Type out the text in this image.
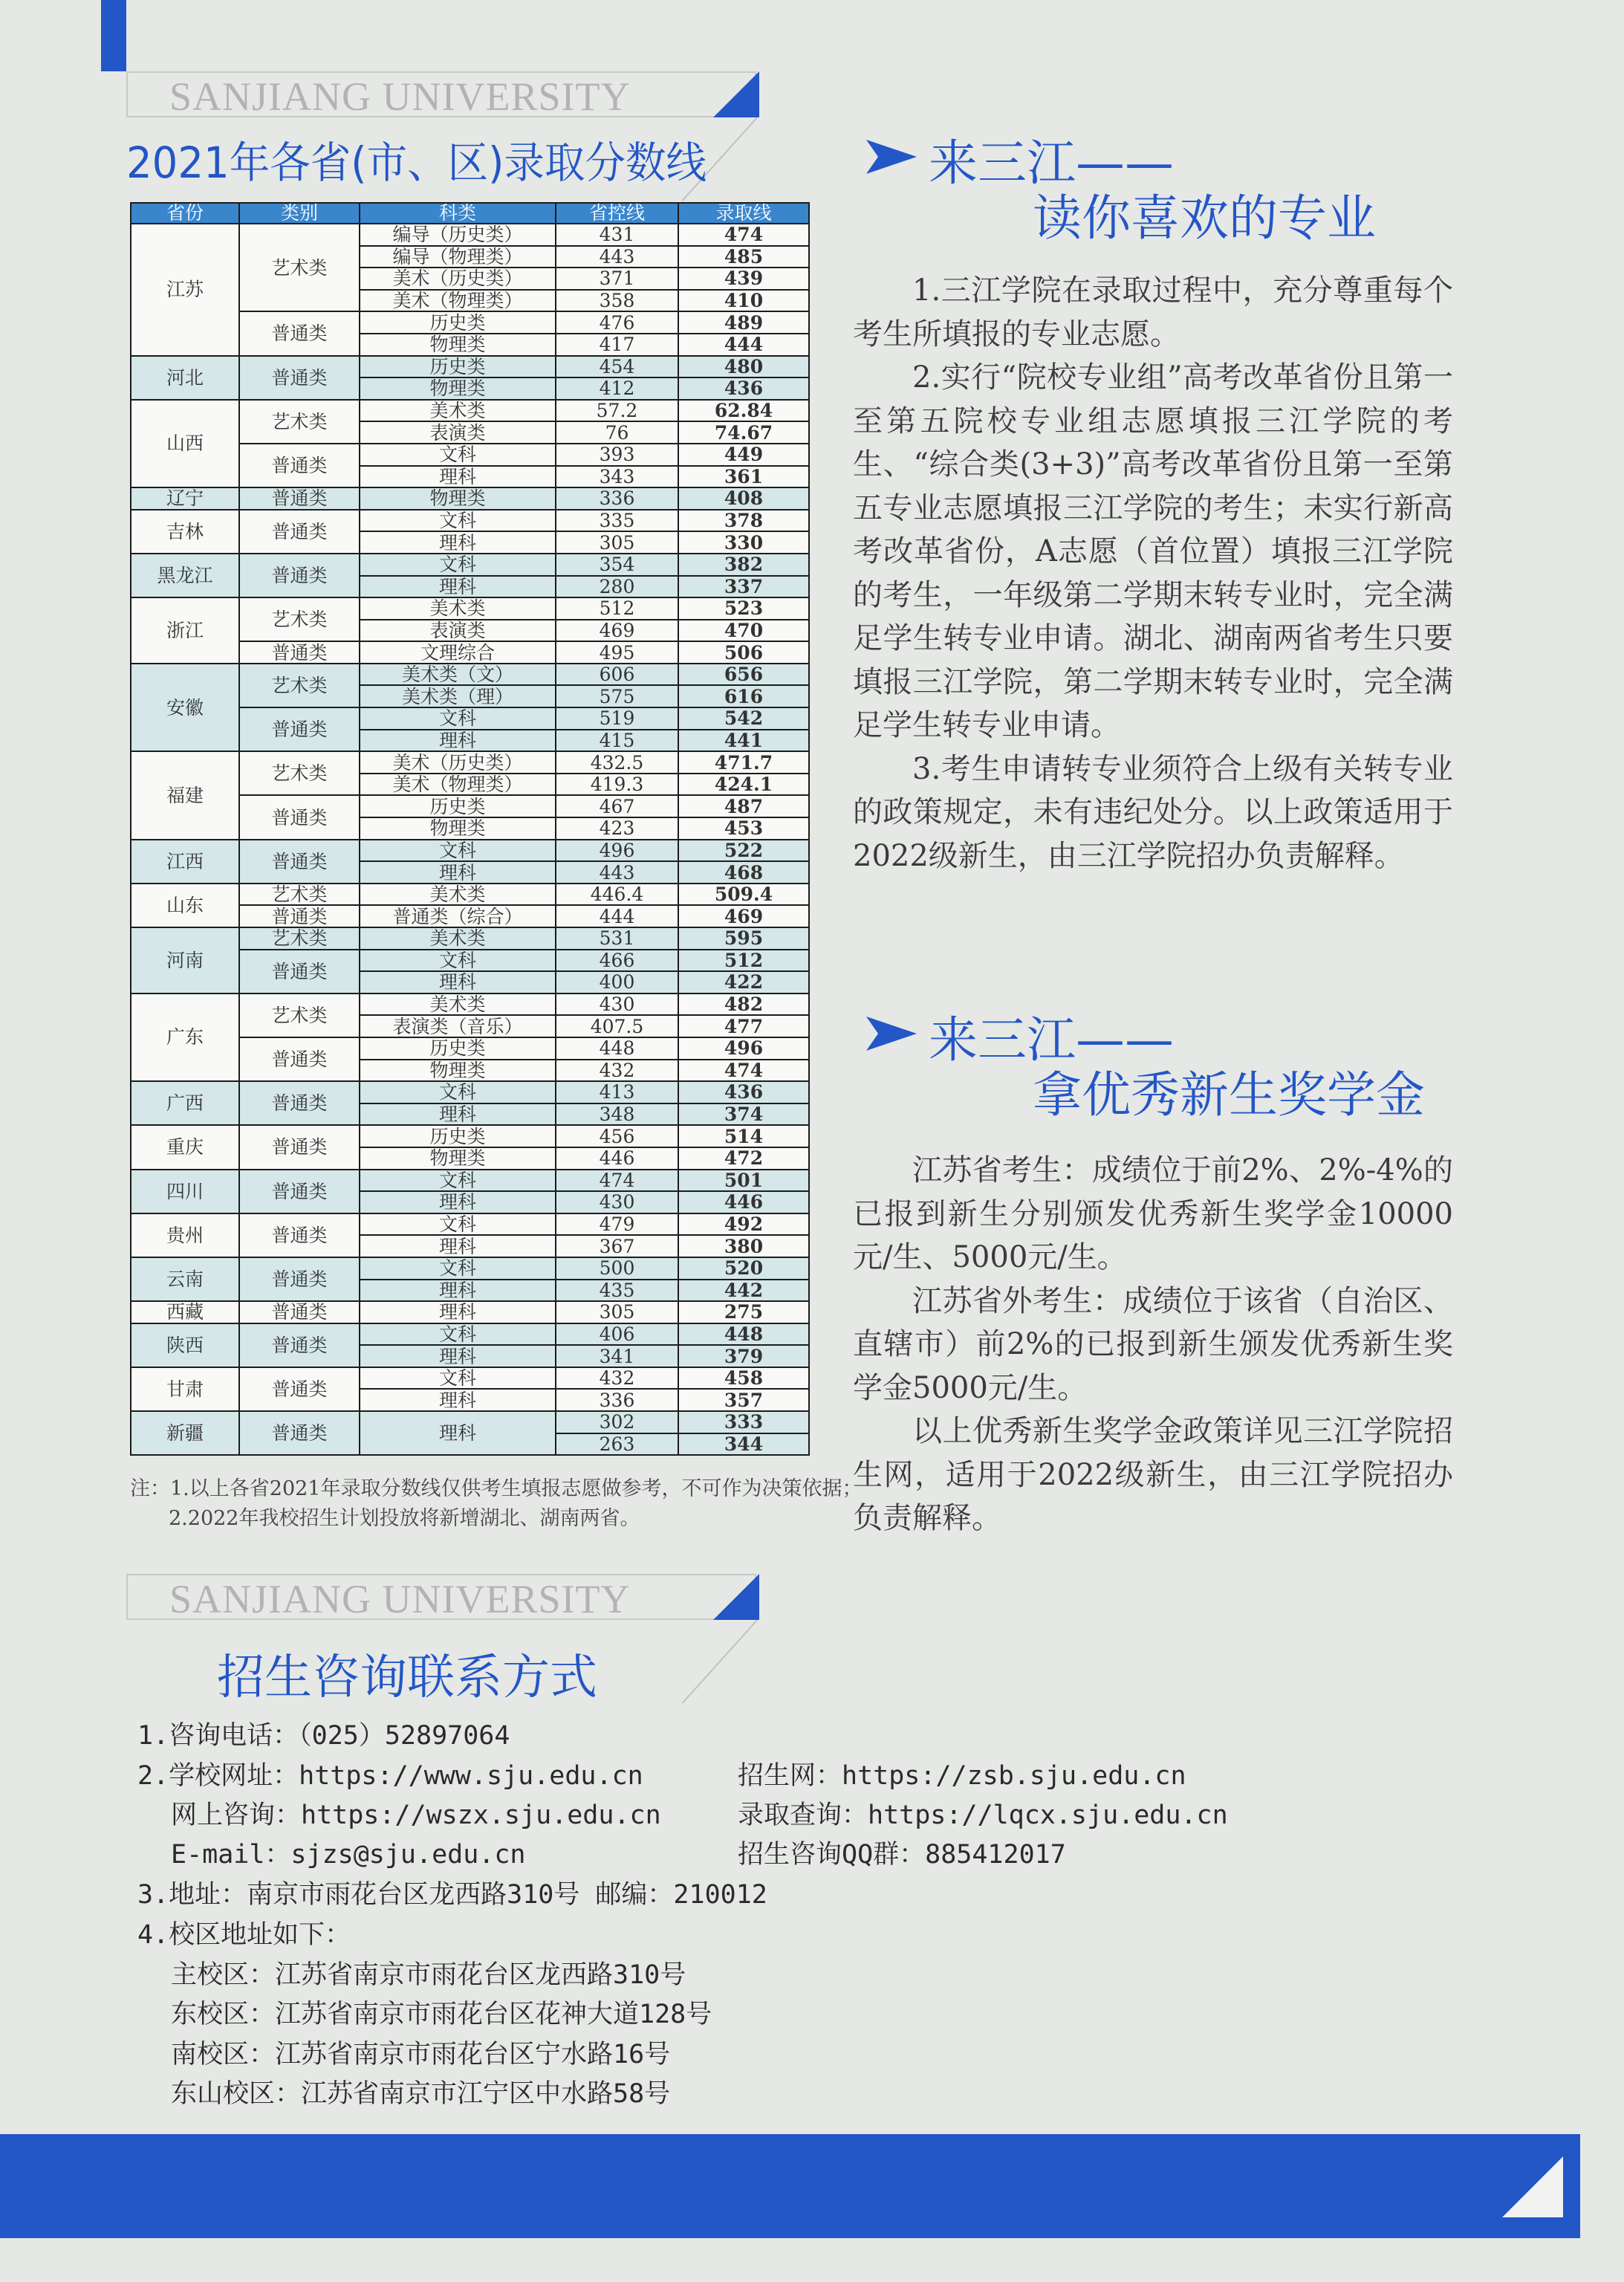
SANJIANG UNIVERSITY
2021年各省(市、区)录取分数线
省份	类别	科类	省控线	录取线
江苏	艺术类	编导（历史类）	431	474
		编导（物理类）	443	485
		美术（历史类）	371	439
		美术（物理类）	358	410
	普通类	历史类	476	489
		物理类	417	444
河北	普通类	历史类	454	480
		物理类	412	436
山西	艺术类	美术类	57.2	62.84
		表演类	76	74.67
	普通类	文科	393	449
		理科	343	361
辽宁	普通类	物理类	336	408
吉林	普通类	文科	335	378
		理科	305	330
黑龙江	普通类	文科	354	382
		理科	280	337
浙江	艺术类	美术类	512	523
		表演类	469	470
	普通类	文理综合	495	506
安徽	艺术类	美术类（文）	606	656
		美术类（理）	575	616
	普通类	文科	519	542
		理科	415	441
福建	艺术类	美术（历史类）	432.5	471.7
		美术（物理类）	419.3	424.1
	普通类	历史类	467	487
		物理类	423	453
江西	普通类	文科	496	522
		理科	443	468
山东	艺术类	美术类	446.4	509.4
	普通类	普通类（综合）	444	469
河南	艺术类	美术类	531	595
	普通类	文科	466	512
		理科	400	422
广东	艺术类	美术类	430	482
		表演类（音乐）	407.5	477
	普通类	历史类	448	496
		物理类	432	474
广西	普通类	文科	413	436
		理科	348	374
重庆	普通类	历史类	456	514
		物理类	446	472
四川	普通类	文科	474	501
		理科	430	446
贵州	普通类	文科	479	492
		理科	367	380
云南	普通类	文科	500	520
		理科	435	442
西藏	普通类	理科	305	275
陕西	普通类	文科	406	448
		理科	341	379
甘肃	普通类	文科	432	458
		理科	336	357
新疆	普通类	理科	302	333
			263	344
注：1.以上各省2021年录取分数线仅供考生填报志愿做参考，不可作为决策依据；
2.2022年我校招生计划投放将新增湖北、湖南两省。
来三江——
读你喜欢的专业

1.三江学院在录取过程中，充分尊重每个考生所填报的专业志愿。

2.实行“院校专业组”高考改革省份且第一至第五院校专业组志愿填报三江学院的考生、“综合类(3+3)”高考改革省份且第一至第五专业志愿填报三江学院的考生；未实行新高考改革省份，A志愿（首位置）填报三江学院的考生，一年级第二学期末转专业时，完全满足学生转专业申请。湖北、湖南两省考生只要填报三江学院，第二学期末转专业时，完全满足学生转专业申请。

3.考生申请转专业须符合上级有关转专业的政策规定，未有违纪处分。以上政策适用于2022级新生，由三江学院招办负责解释。

来三江——
拿优秀新生奖学金

江苏省考生：成绩位于前2%、2%-4%的已报到新生分别颁发优秀新生奖学金10000元/生、5000元/生。

江苏省外考生：成绩位于该省（自治区、直辖市）前2%的已报到新生颁发优秀新生奖学金5000元/生。

以上优秀新生奖学金政策详见三江学院招生网，适用于2022级新生，由三江学院招办负责解释。

SANJIANG UNIVERSITY
招生咨询联系方式
1.咨询电话：（025）52897064
2.学校网址：https://www.sju.edu.cn	招生网：https://zsb.sju.edu.cn
网上咨询：https://wszx.sju.edu.cn	录取查询：https://lqcx.sju.edu.cn
E-mail：sjzs@sju.edu.cn	招生咨询QQ群：885412017
3.地址：南京市雨花台区龙西路310号 邮编：210012
4.校区地址如下：
主校区：江苏省南京市雨花台区龙西路310号
东校区：江苏省南京市雨花台区花神大道128号
南校区：江苏省南京市雨花台区宁水路16号
东山校区：江苏省南京市江宁区中水路58号
